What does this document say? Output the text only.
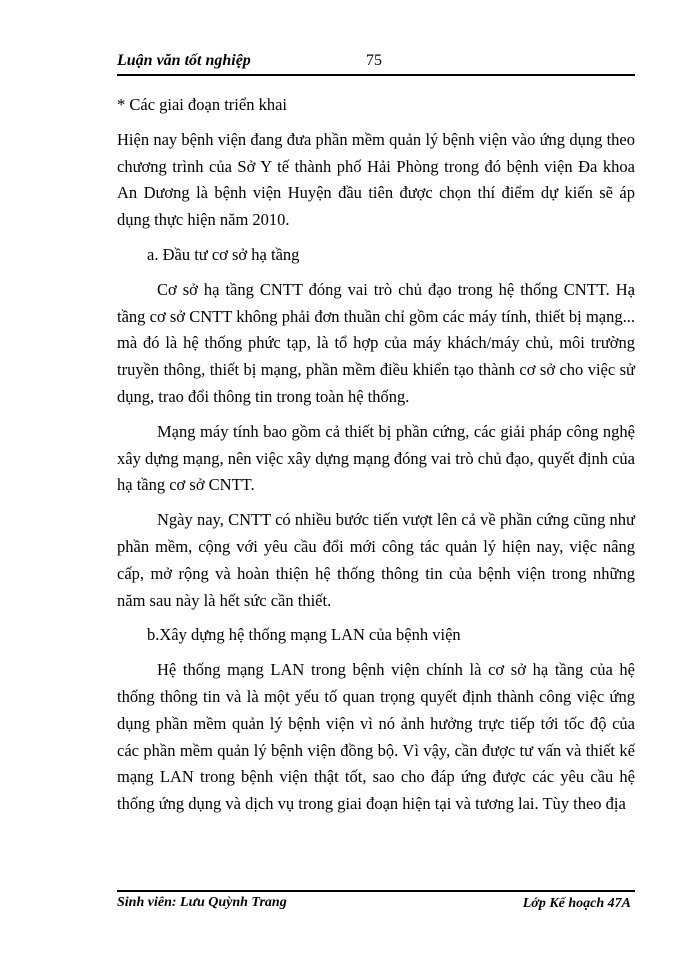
Luận văn tốt nghiệp	75

* Các giai đoạn triển khai

Hiện nay bệnh viện đang đưa phần mềm quản lý bệnh viện vào ứng dụng theo chương trình của Sở Y tế thành phố Hải Phòng trong đó bệnh viện Đa khoa An Dương là bệnh viện Huyện đầu tiên được chọn thí điểm dự kiến sẽ áp dụng thực hiện năm 2010.

a. Đầu tư cơ sở hạ tầng

Cơ sở hạ tầng CNTT đóng vai trò chủ đạo trong hệ thống CNTT. Hạ tầng cơ sở CNTT không phải đơn thuần chỉ gồm các máy tính, thiết bị mạng... mà đó là hệ thống phức tạp, là tổ hợp của máy khách/máy chủ, môi trường truyền thông, thiết bị mạng, phần mềm điều khiển tạo thành cơ sở cho việc sử dụng, trao đổi thông tin trong toàn hệ thống.

Mạng máy tính bao gồm cả thiết bị phần cứng, các giải pháp công nghệ xây dựng mạng, nên việc xây dựng mạng đóng vai trò chủ đạo, quyết định của hạ tầng cơ sở CNTT.

Ngày nay, CNTT có nhiều bước tiến vượt lên cả về phần cứng cũng như phần mềm, cộng với yêu cầu đổi mới công tác quản lý hiện nay, việc nâng cấp, mở rộng và hoàn thiện hệ thống thông tin của bệnh viện trong những năm sau này là hết sức cần thiết.

b.Xây dựng hệ thống mạng LAN của bệnh viện

Hệ thống mạng LAN trong bệnh viện chính là cơ sở hạ tầng của hệ thống thông tin và là một yếu tố quan trọng quyết định thành công việc ứng dụng phần mềm quản lý bệnh viện vì nó ảnh hưởng trực tiếp tới tốc độ của các phần mềm quản lý bệnh viện đồng bộ. Vì vậy, cần được tư vấn và thiết kế mạng LAN trong bệnh viện thật tốt, sao cho đáp ứng được các yêu cầu hệ thống ứng dụng và dịch vụ trong giai đoạn hiện tại và tương lai. Tùy theo địa

Sinh viên: Lưu Quỳnh Trang	Lớp Kế hoạch 47A
